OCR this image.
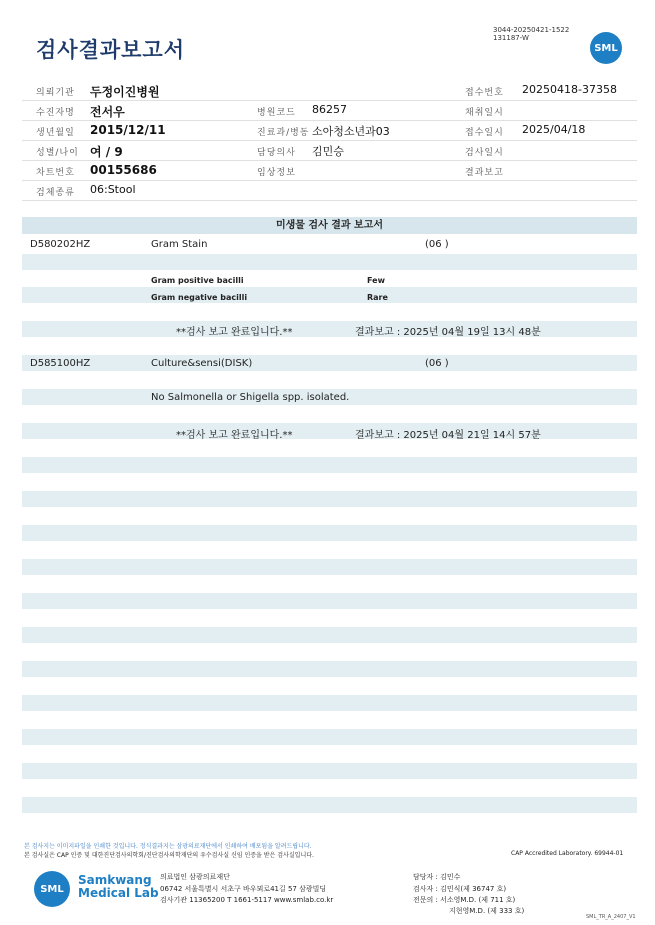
검사결과보고서
3044-20250421-1522
131187-W
SML
의뢰기관 두정이진병원	접수번호 20250418-37358
수진자명 전서우	병원코드 86257	채취일시
생년월일 2015/12/11	진료과/병동 소아청소년과03	접수일시 2025/04/18
성별/나이 여 / 9	담당의사 김민승	검사일시
차트번호 00155686	임상정보	결과보고
검체종류 06:Stool
미생물 검사 결과 보고서
D580202HZ	Gram Stain	(06 )
Gram positive bacilli	Few
Gram negative bacilli	Rare
**검사 보고 완료입니다.**	결과보고 : 2025년 04월 19일 13시 48분
D585100HZ	Culture&sensi(DISK)	(06 )
No Salmonella or Shigella spp. isolated.
**검사 보고 완료입니다.**	결과보고 : 2025년 04월 21일 14시 57분
본 검사지는 이미지파일을 인쇄한 것입니다. 정식결과지는 삼광의료재단에서 인쇄하여 배포됨을 알려드립니다.
본 검사실은 CAP 인증 및 대한진단검사의학회/진단검사의학재단의 우수검사실 신임 인증을 받은 검사실입니다.	CAP Accredited Laboratory. 69944-01
SML
Samkwang
Medical Lab
의료법인 삼광의료재단
06742 서울특별시 서초구 바우뫼로41길 57 삼광빌딩
검사기관 11365200 T 1661-5117 www.smlab.co.kr
담당자 : 김민수
검사자 : 김민식(제 36747 호)
전문의 : 서소영M.D. (제 711 호)
지현영M.D. (제 333 호)
SML_TR_A_2407_V1
